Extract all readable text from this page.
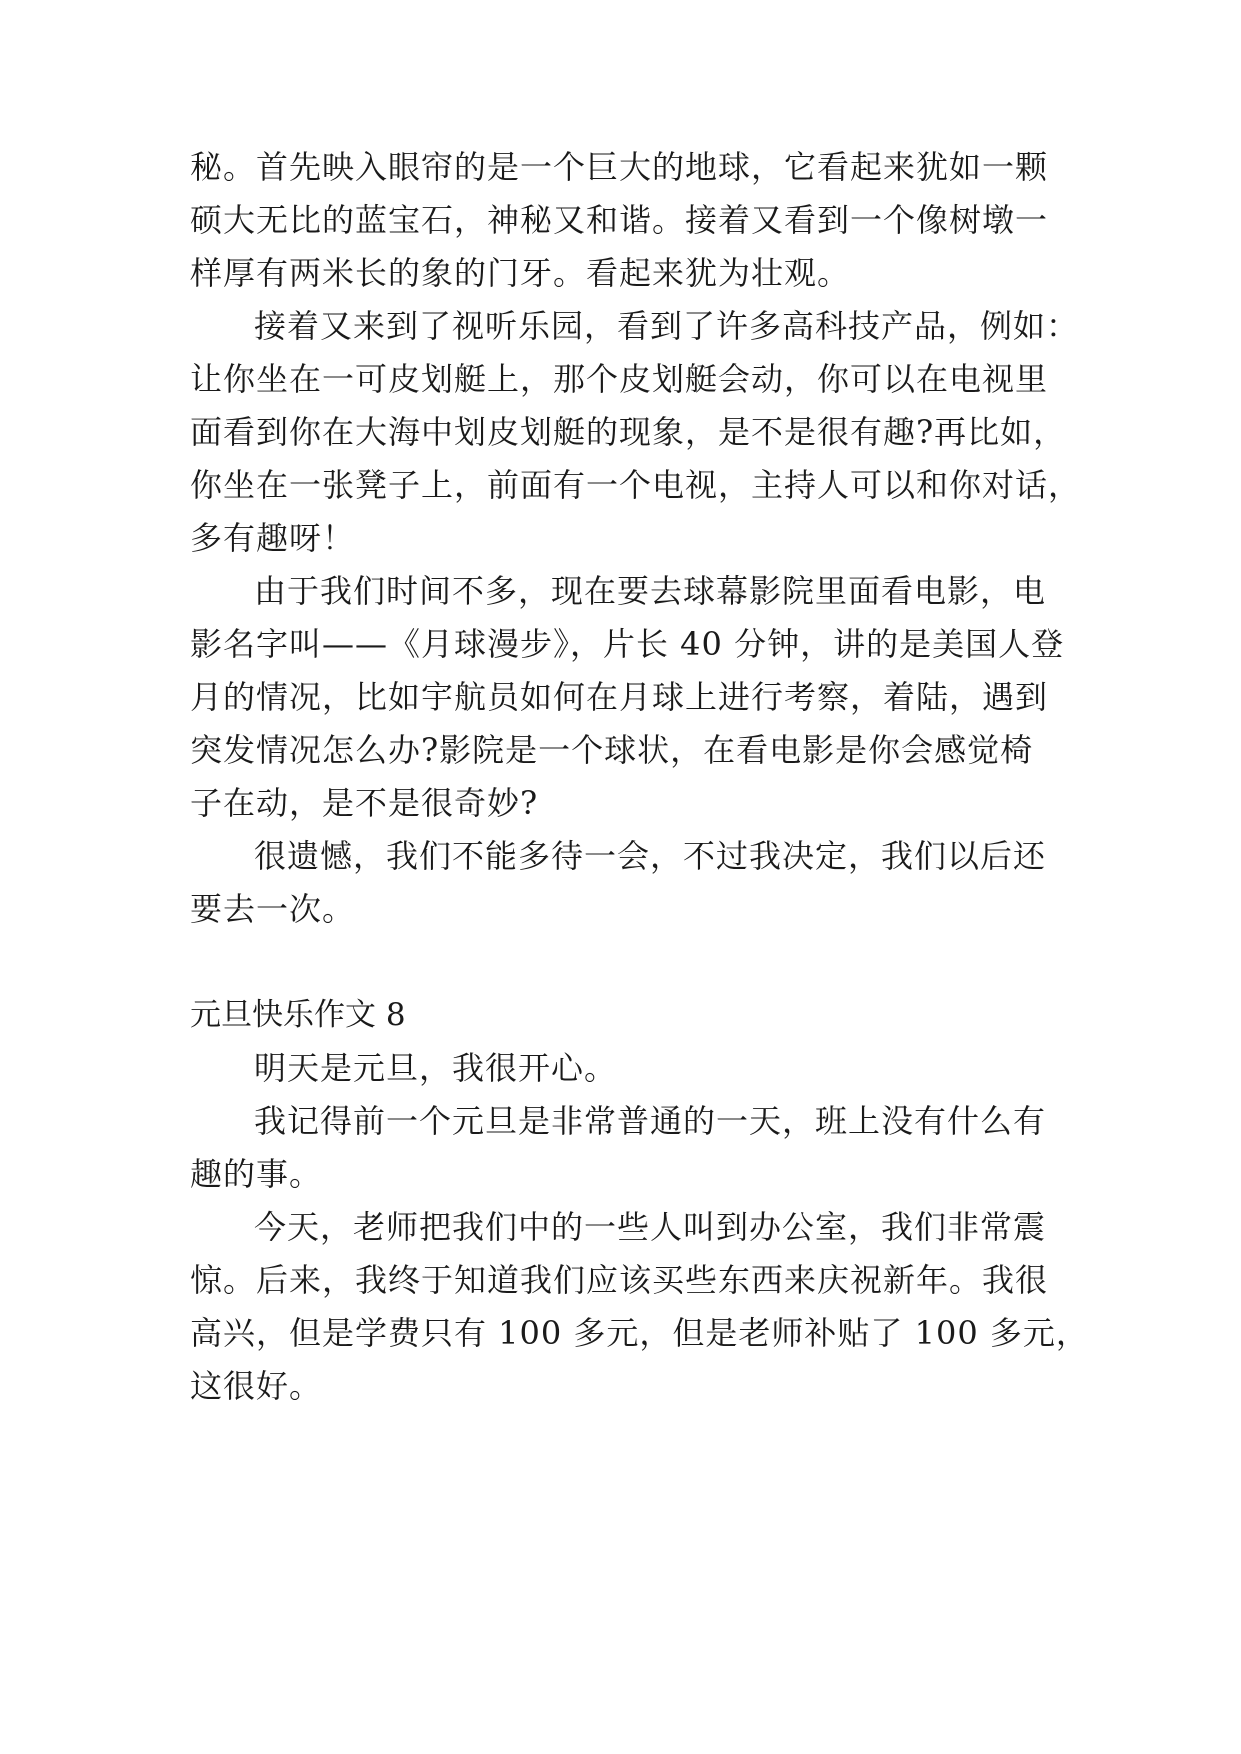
秘。首先映入眼帘的是一个巨大的地球，它看起来犹如一颗
硕大无比的蓝宝石，神秘又和谐。接着又看到一个像树墩一
样厚有两米长的象的门牙。看起来犹为壮观。
接着又来到了视听乐园，看到了许多高科技产品，例如：
让你坐在一可皮划艇上，那个皮划艇会动，你可以在电视里
面看到你在大海中划皮划艇的现象，是不是很有趣?再比如，
你坐在一张凳子上，前面有一个电视，主持人可以和你对话，
多有趣呀！
由于我们时间不多，现在要去球幕影院里面看电影，电
影名字叫——《月球漫步》，片长 40 分钟，讲的是美国人登
月的情况，比如宇航员如何在月球上进行考察，着陆，遇到
突发情况怎么办?影院是一个球状，在看电影是你会感觉椅
子在动，是不是很奇妙?
很遗憾，我们不能多待一会，不过我决定，我们以后还
要去一次。
元旦快乐作文 8
明天是元旦，我很开心。
我记得前一个元旦是非常普通的一天，班上没有什么有
趣的事。
今天，老师把我们中的一些人叫到办公室，我们非常震
惊。后来，我终于知道我们应该买些东西来庆祝新年。我很
高兴，但是学费只有 100 多元，但是老师补贴了 100 多元，
这很好。
